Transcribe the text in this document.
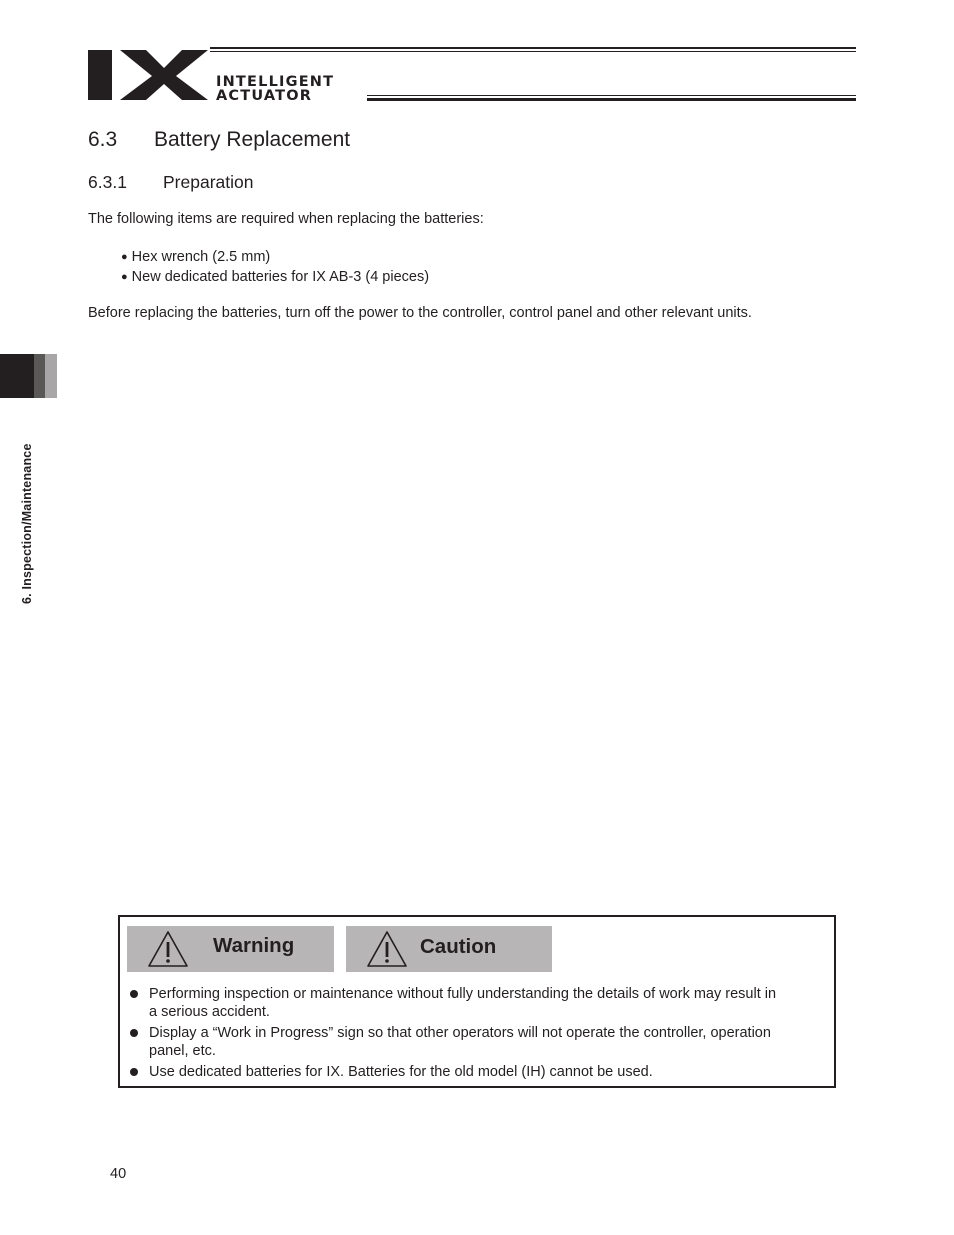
INTELLIGENT
ACTUATOR
6.3 Battery Replacement
6.3.1 Preparation
The following items are required when replacing the batteries:
● Hex wrench (2.5 mm)
● New dedicated batteries for IX AB-3 (4 pieces)
Before replacing the batteries, turn off the power to the controller, control panel and other relevant units.
6. Inspection/Maintenance
Warning	Caution
Performing inspection or maintenance without fully understanding the details of work may result in
a serious accident.
Display a “Work in Progress” sign so that other operators will not operate the controller, operation
panel, etc.
Use dedicated batteries for IX. Batteries for the old model (IH) cannot be used.
40
